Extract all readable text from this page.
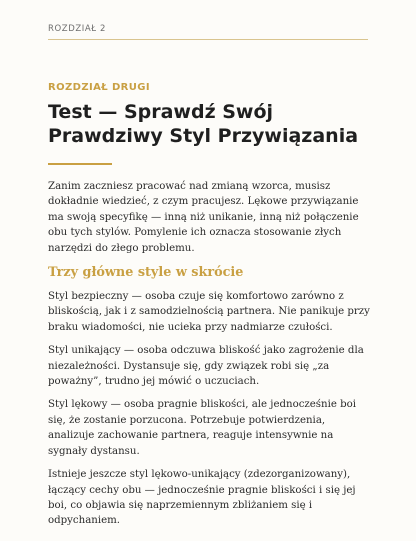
ROZDZIAŁ 2
ROZDZIAŁ DRUGI
Test — Sprawdź Swój Prawdziwy Styl Przywiązania

Zanim zaczniesz pracować nad zmianą wzorca, musisz dokładnie wiedzieć, z czym pracujesz. Lękowe przywiązanie ma swoją specyfikę — inną niż unikanie, inną niż połączenie obu tych stylów. Pomylenie ich oznacza stosowanie złych narzędzi do złego problemu.

Trzy główne style w skrócie

Styl bezpieczny — osoba czuje się komfortowo zarówno z bliskością, jak i z samodzielnością partnera. Nie panikuje przy braku wiadomości, nie ucieka przy nadmiarze czułości.

Styl unikający — osoba odczuwa bliskość jako zagrożenie dla niezależności. Dystansuje się, gdy związek robi się „za poważny”, trudno jej mówić o uczuciach.

Styl lękowy — osoba pragnie bliskości, ale jednocześnie boi się, że zostanie porzucona. Potrzebuje potwierdzenia, analizuje zachowanie partnera, reaguje intensywnie na sygnały dystansu.

Istnieje jeszcze styl lękowo-unikający (zdezorganizowany), łączący cechy obu — jednocześnie pragnie bliskości i się jej boi, co objawia się naprzemiennym zbliżaniem się i odpychaniem.
